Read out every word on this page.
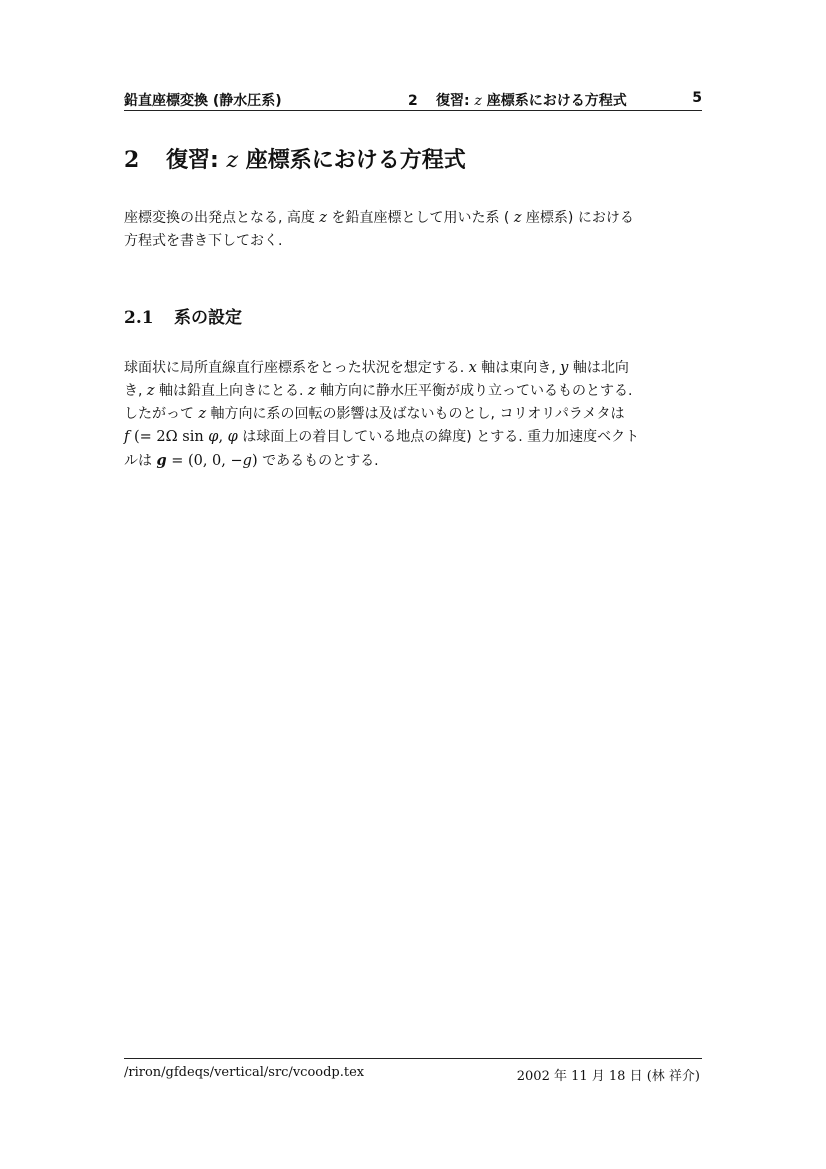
鉛直座標変換 (静水圧系)	2 復習: z 座標系における方程式	5
2 復習: z 座標系における方程式
座標変換の出発点となる, 高度 z を鉛直座標として用いた系 ( z 座標系) における
方程式を書き下しておく.
2.1 系の設定
球面状に局所直線直行座標系をとった状況を想定する. x 軸は東向き, y 軸は北向
き, z 軸は鉛直上向きにとる. z 軸方向に静水圧平衡が成り立っているものとする.
したがって z 軸方向に系の回転の影響は及ばないものとし, コリオリパラメタは
f (= 2Ω sin φ, φ は球面上の着目している地点の緯度) とする. 重力加速度ベクト
ルは g = (0, 0, −g) であるものとする.
/riron/gfdeqs/vertical/src/vcoodp.tex	2002 年 11 月 18 日 (林 祥介)
